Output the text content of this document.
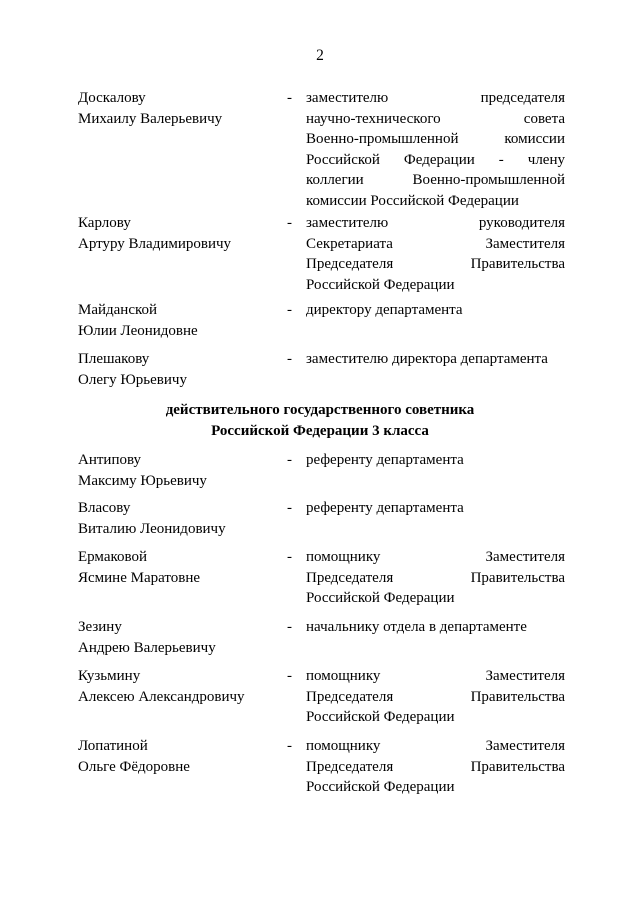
2
Доскалову
Михаилу Валерьевичу
- заместителю председателя
научно-технического совета
Военно-промышленной комиссии
Российской Федерации - члену
коллегии Военно-промышленной
комиссии Российской Федерации
Карлову
Артуру Владимировичу
- заместителю руководителя
Секретариата Заместителя
Председателя Правительства
Российской Федерации
Майданской
Юлии Леонидовне
- директору департамента
Плешакову
Олегу Юрьевичу
- заместителю директора департамента
действительного государственного советника
Российской Федерации 3 класса
Антипову
Максиму Юрьевичу
- референту департамента
Власову
Виталию Леонидовичу
- референту департамента
Ермаковой
Ясмине Маратовне
- помощнику Заместителя
Председателя Правительства
Российской Федерации
Зезину
Андрею Валерьевичу
- начальнику отдела в департаменте
Кузьмину
Алексею Александровичу
- помощнику Заместителя
Председателя Правительства
Российской Федерации
Лопатиной
Ольге Фёдоровне
- помощнику Заместителя
Председателя Правительства
Российской Федерации
